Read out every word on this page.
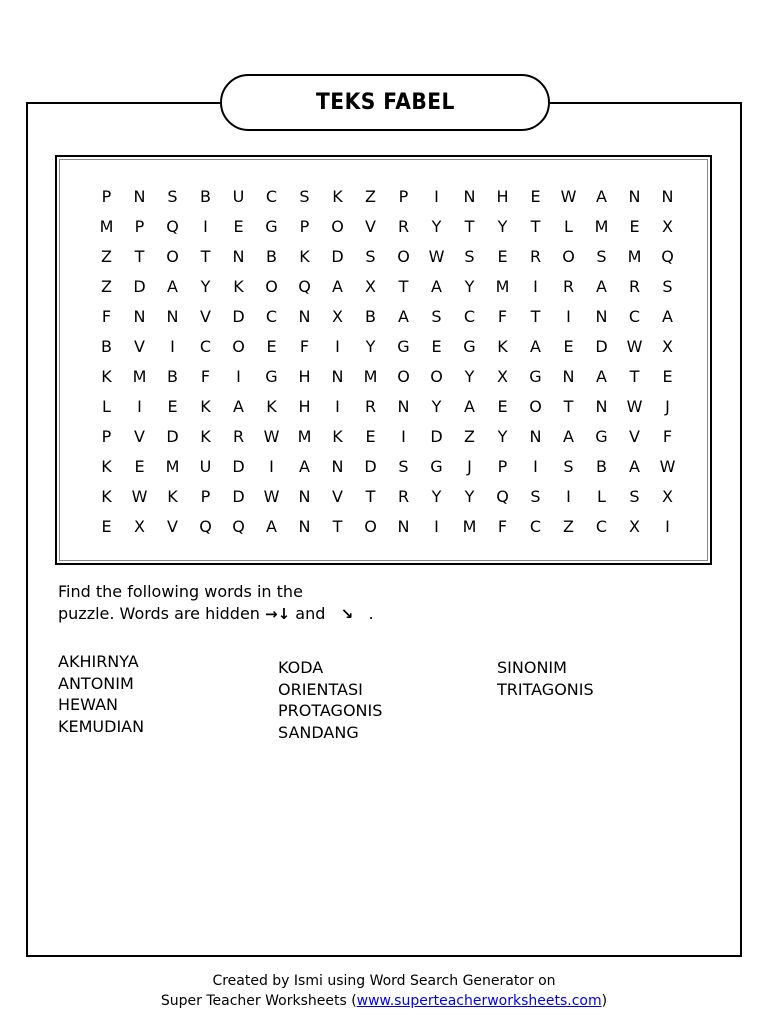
TEKS FABEL
P	N	S	B	U	C	S	K	Z	P	I	N	H	E	W	A	N	N
M	P	Q	I	E	G	P	O	V	R	Y	T	Y	T	L	M	E	X
Z	T	O	T	N	B	K	D	S	O	W	S	E	R	O	S	M	Q
Z	D	A	Y	K	O	Q	A	X	T	A	Y	M	I	R	A	R	S
F	N	N	V	D	C	N	X	B	A	S	C	F	T	I	N	C	A
B	V	I	C	O	E	F	I	Y	G	E	G	K	A	E	D	W	X
K	M	B	F	I	G	H	N	M	O	O	Y	X	G	N	A	T	E
L	I	E	K	A	K	H	I	R	N	Y	A	E	O	T	N	W	J
P	V	D	K	R	W	M	K	E	I	D	Z	Y	N	A	G	V	F
K	E	M	U	D	I	A	N	D	S	G	J	P	I	S	B	A	W
K	W	K	P	D	W	N	V	T	R	Y	Y	Q	S	I	L	S	X
E	X	V	Q	Q	A	N	T	O	N	I	M	F	C	Z	C	X	I
Find the following words in the
puzzle. Words are hidden →↓ and ↘ .
AKHIRNYA
ANTONIM
HEWAN
KEMUDIAN
KODA
ORIENTASI
PROTAGONIS
SANDANG
SINONIM
TRITAGONIS
Created by Ismi using Word Search Generator on
Super Teacher Worksheets (www.superteacherworksheets.com)
